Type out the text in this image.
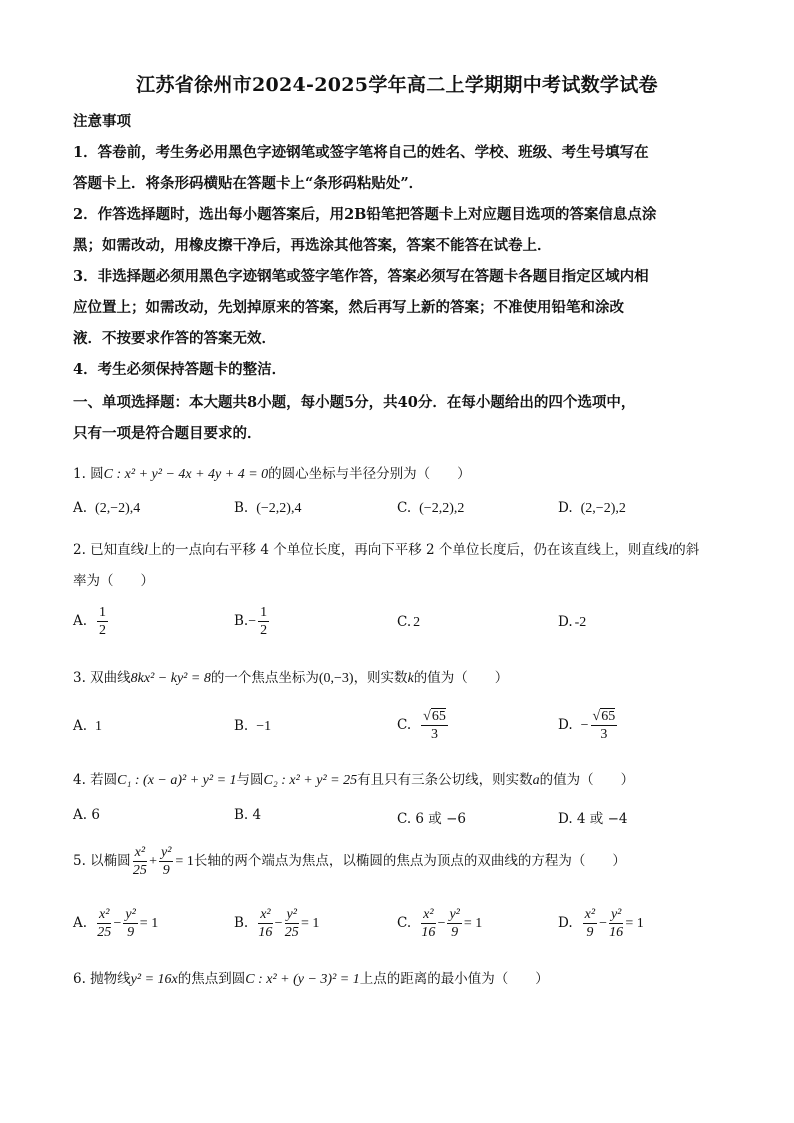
江苏省徐州市2024-2025学年高二上学期期中考试数学试卷
注意事项
1．答卷前，考生务必用黑色字迹钢笔或签字笔将自己的姓名、学校、班级、考生号填写在
答题卡上．将条形码横贴在答题卡上“条形码粘贴处”．
2．作答选择题时，选出每小题答案后，用2B铅笔把答题卡上对应题目选项的答案信息点涂
黑；如需改动，用橡皮擦干净后，再选涂其他答案，答案不能答在试卷上．
3．非选择题必须用黑色字迹钢笔或签字笔作答，答案必须写在答题卡各题目指定区域内相
应位置上；如需改动，先划掉原来的答案，然后再写上新的答案；不准使用铅笔和涂改
液．不按要求作答的答案无效．
4．考生必须保持答题卡的整洁．
一、单项选择题：本大题共8小题，每小题5分，共40分．在每小题给出的四个选项中，
只有一项是符合题目要求的．
1. 圆C : x² + y² − 4x + 4y + 4 = 0的圆心坐标与半径分别为（　　）
A. (2,−2),4	B. (−2,2),4	C. (−2,2),2	D. (2,−2),2
2. 已知直线l上的一点向右平移 4 个单位长度，再向下平移 2 个单位长度后，仍在该直线上，则直线l的斜
率为（　　）
A. $\frac{1}{2}$	$B.- \frac{1}{2}$	C. 2	D. -2
3. 双曲线8kx² − ky² = 8的一个焦点坐标为(0,−3)，则实数k的值为（　　）
A. 1	B. −1	C. $\frac{√65}{3}$	D. − $\frac{√65}{3}$
4. 若圆C₁ : (x − a)² + y² = 1与圆C₂ : x² + y² = 25有且只有三条公切线，则实数a的值为（　　）
A. 6	B. 4	C. 6 或 −6	D. 4 或 −4
5. 以椭圆 $\frac{\text{x²}}{25} + \frac{\text{y²}}{9} = 1$长轴的两个端点为焦点，以椭圆的焦点为顶点的双曲线的方程为（　　）
A. $\frac{\text{x²}}{25} - \frac{\text{y²}}{9} = 1$	B. $\frac{\text{x²}}{16} - \frac{\text{y²}}{25} = 1$	C. $\frac{\text{x²}}{16} - \frac{\text{y²}}{9} = 1$	D. $\frac{\text{x²}}{9} - \frac{\text{y²}}{16} = 1$
6. 抛物线y² = 16x的焦点到圆C : x² + (y − 3)² = 1上点的距离的最小值为（　　）
